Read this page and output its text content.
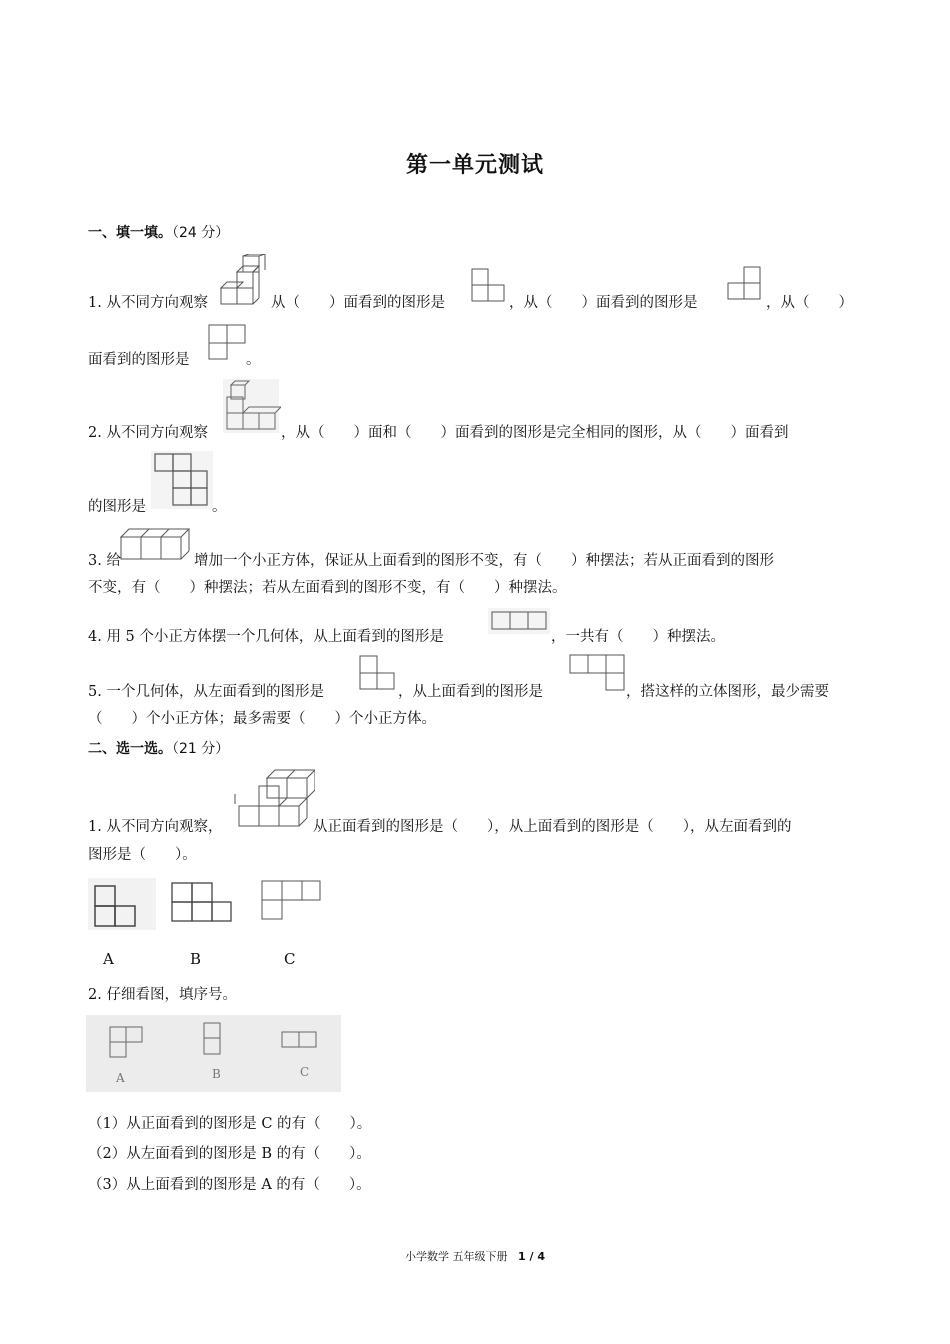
第一单元测试
一、填一填。（24 分）
1. 从不同方向观察	从（　　）面看到的图形是	，从（　　）面看到的图形是	，从（　　）
面看到的图形是	。
2. 从不同方向观察	，从（　　）面和（　　）面看到的图形是完全相同的图形，从（　　）面看到
的图形是	。
3. 给	增加一个小正方体，保证从上面看到的图形不变，有（　　）种摆法；若从正面看到的图形
不变，有（　　）种摆法；若从左面看到的图形不变，有（　　）种摆法。
4. 用 5 个小正方体摆一个几何体，从上面看到的图形是	，一共有（　　）种摆法。
5. 一个几何体，从左面看到的图形是	，从上面看到的图形是	，搭这样的立体图形，最少需要
（　　）个小正方体；最多需要（　　）个小正方体。
二、选一选。（21 分）
1. 从不同方向观察，	从正面看到的图形是（　　），从上面看到的图形是（　　），从左面看到的
图形是（　　）。
A	B	C
2. 仔细看图，填序号。
A	B	C
（1）从正面看到的图形是 C 的有（　　）。
（2）从左面看到的图形是 B 的有（　　）。
（3）从上面看到的图形是 A 的有（　　）。
小学数学 五年级下册 1 / 4
